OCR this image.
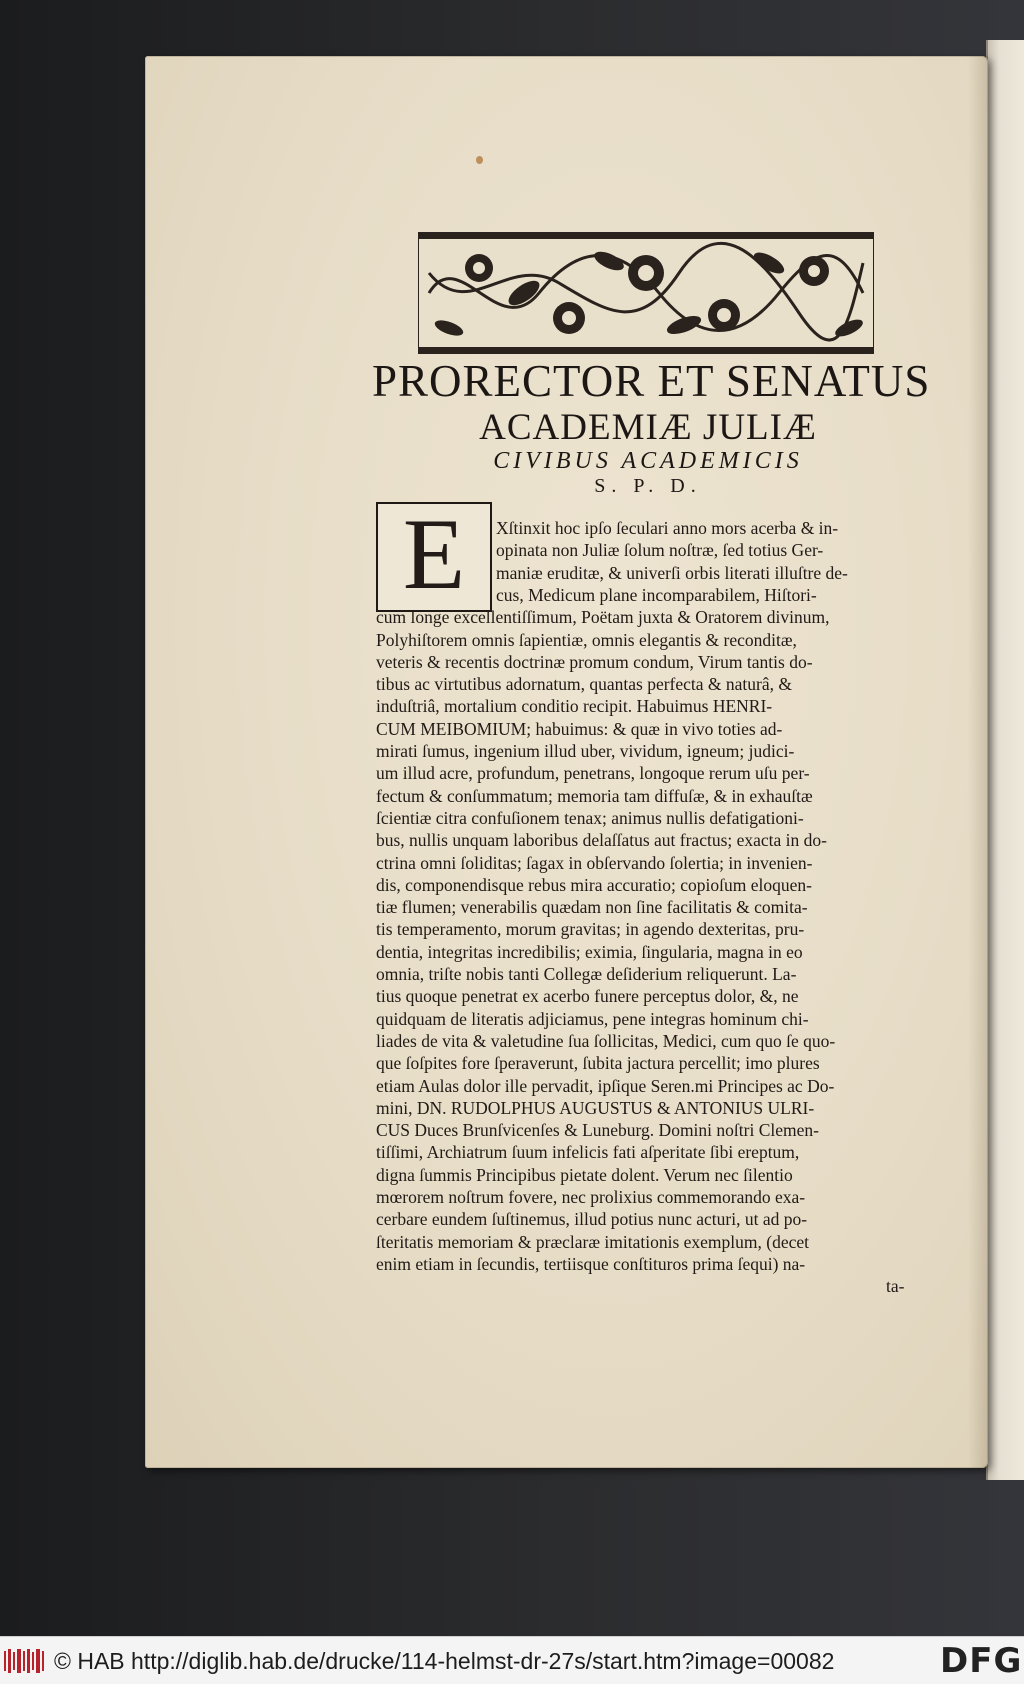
PRORECTOR ET SENATUS
ACADEMIÆ JULIÆ
CIVIBUS ACADEMICIS
S. P. D.
E	Xſtinxit hoc ipſo ſeculari anno mors acerba & in-
opinata non Juliæ ſolum noſtræ, ſed totius Ger-
maniæ eruditæ, & univerſi orbis literati illuſtre de-
cus, Medicum plane incomparabilem, Hiſtori-
cum longe excellentiſſimum, Poëtam juxta & Oratorem divinum,
Polyhiſtorem omnis ſapientiæ, omnis elegantis & reconditæ,
veteris & recentis doctrinæ promum condum, Virum tantis do-
tibus ac virtutibus adornatum, quantas perfecta & naturâ, &
induſtriâ, mortalium conditio recipit. Habuimus HENRI-
CUM MEIBOMIUM; habuimus: & quæ in vivo toties ad-
mirati ſumus, ingenium illud uber, vividum, igneum; judici-
um illud acre, profundum, penetrans, longoque rerum uſu per-
fectum & conſummatum; memoria tam diffuſæ, & in exhauſtæ
ſcientiæ citra confuſionem tenax; animus nullis defatigationi-
bus, nullis unquam laboribus delaſſatus aut fractus; exacta in do-
ctrina omni ſoliditas; ſagax in obſervando ſolertia; in invenien-
dis, componendisque rebus mira accuratio; copioſum eloquen-
tiæ flumen; venerabilis quædam non ſine facilitatis & comita-
tis temperamento, morum gravitas; in agendo dexteritas, pru-
dentia, integritas incredibilis; eximia, ſingularia, magna in eo
omnia, triſte nobis tanti Collegæ deſiderium reliquerunt. La-
tius quoque penetrat ex acerbo funere perceptus dolor, &, ne
quidquam de literatis adjiciamus, pene integras hominum chi-
liades de vita & valetudine ſua ſollicitas, Medici, cum quo ſe quo-
que ſoſpites fore ſperaverunt, ſubita jactura percellit; imo plures
etiam Aulas dolor ille pervadit, ipſique Seren.mi Principes ac Do-
mini, DN. RUDOLPHUS AUGUSTUS & ANTONIUS ULRI-
CUS Duces Brunſvicenſes & Luneburg. Domini noſtri Clemen-
tiſſimi, Archiatrum ſuum infelicis fati aſperitate ſibi ereptum,
digna ſummis Principibus pietate dolent. Verum nec ſilentio
mœrorem noſtrum fovere, nec prolixius commemorando exa-
cerbare eundem ſuſtinemus, illud potius nunc acturi, ut ad po-
ſteritatis memoriam & præclaræ imitationis exemplum, (decet
enim etiam in ſecundis, tertiisque conſtituros prima ſequi) na-
ta-
© HAB http://diglib.hab.de/drucke/114-helmst-dr-27s/start.htm?image=00082	DFG
